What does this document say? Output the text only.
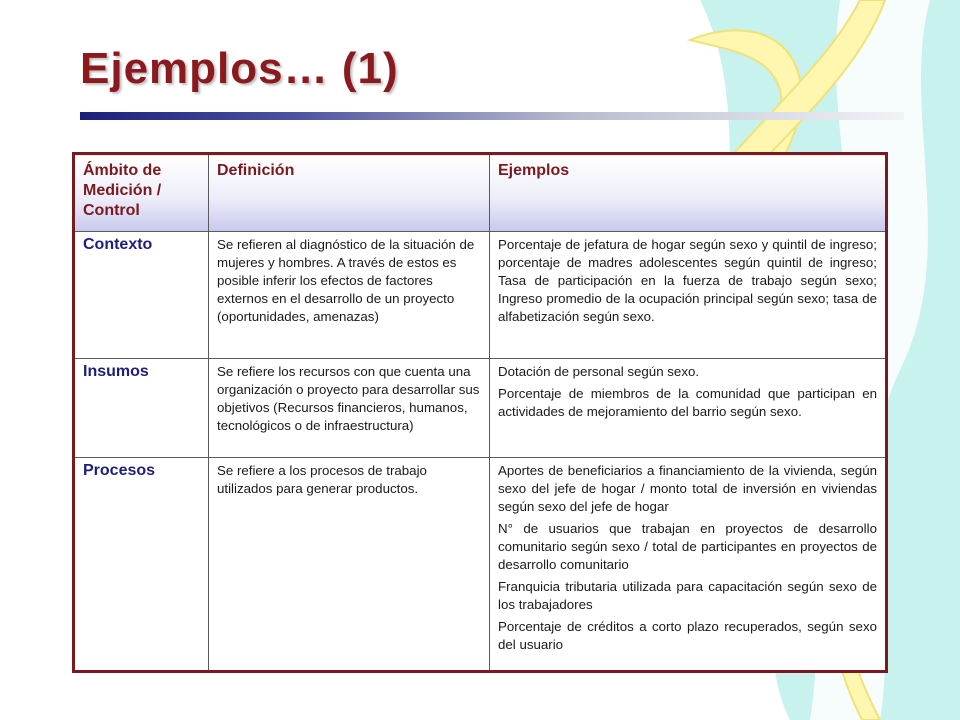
Ejemplos… (1)
Ámbito de Medición / Control	Definición	Ejemplos
Contexto	Se refieren al diagnóstico de la situación de mujeres y hombres. A través de estos es posible inferir los efectos de factores externos en el desarrollo de un proyecto (oportunidades, amenazas)	Porcentaje de jefatura de hogar según sexo y quintil de ingreso; porcentaje de madres adolescentes según quintil de ingreso; Tasa de participación en la fuerza de trabajo según sexo; Ingreso promedio de la ocupación principal según sexo; tasa de alfabetización según sexo.

Insumos	Se refiere los recursos con que cuenta una organización o proyecto para desarrollar sus objetivos (Recursos financieros, humanos, tecnológicos o de infraestructura)	Dotación de personal según sexo.

Porcentaje de miembros de la comunidad que participan en actividades de mejoramiento del barrio según sexo.

Procesos	Se refiere a los procesos de trabajo utilizados para generar productos.	Aportes de beneficiarios a financiamiento de la vivienda, según sexo del jefe de hogar / monto total de inversión en viviendas según sexo del jefe de hogar

N° de usuarios que trabajan en proyectos de desarrollo comunitario según sexo / total de participantes en proyectos de desarrollo comunitario

Franquicia tributaria utilizada para capacitación según sexo de los trabajadores

Porcentaje de créditos a corto plazo recuperados, según sexo del usuario
